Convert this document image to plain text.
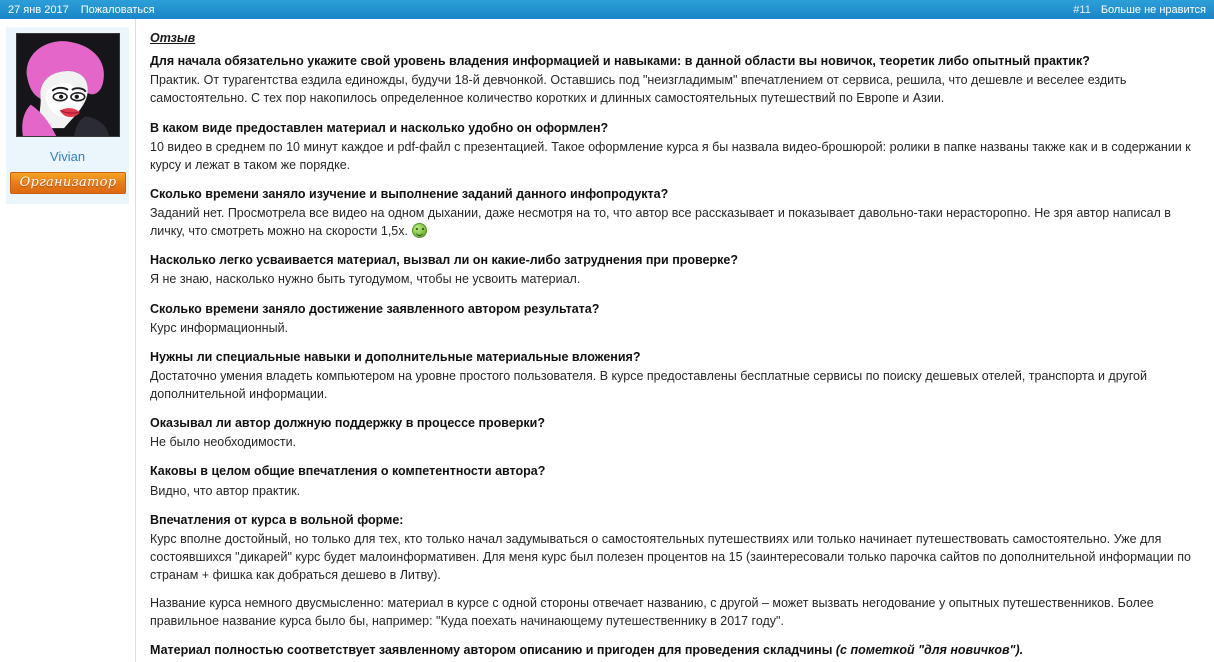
27 янв 2017 Пожаловаться	#11 Больше не нравится
Vivian
Организатор
Отзыв
Для начала обязательно укажите свой уровень владения информацией и навыками: в данной области вы новичок, теоретик либо опытный практик?
Практик. От турагентства ездила единожды, будучи 18-й девчонкой. Оставшись под "неизгладимым" впечатлением от сервиса, решила, что дешевле и веселее ездить самостоятельно. С тех пор накопилось определенное количество коротких и длинных самостоятельных путешествий по Европе и Азии.
В каком виде предоставлен материал и насколько удобно он оформлен?
10 видео в среднем по 10 минут каждое и pdf-файл с презентацией. Такое оформление курса я бы назвала видео-брошюрой: ролики в папке названы также как и в содержании к курсу и лежат в таком же порядке.
Сколько времени заняло изучение и выполнение заданий данного инфопродукта?
Заданий нет. Просмотрела все видео на одном дыхании, даже несмотря на то, что автор все рассказывает и показывает давольно-таки нерасторопно. Не зря автор написал в личку, что смотреть можно на скорости 1,5х.
Насколько легко усваивается материал, вызвал ли он какие-либо затруднения при проверке?
Я не знаю, насколько нужно быть тугодумом, чтобы не усвоить материал.
Сколько времени заняло достижение заявленного автором результата?
Курс информационный.
Нужны ли специальные навыки и дополнительные материальные вложения?
Достаточно умения владеть компьютером на уровне простого пользователя. В курсе предоставлены бесплатные сервисы по поиску дешевых отелей, транспорта и другой дополнительной информации.
Оказывал ли автор должную поддержку в процессе проверки?
Не было необходимости.
Каковы в целом общие впечатления о компетентности автора?
Видно, что автор практик.
Впечатления от курса в вольной форме:
Курс вполне достойный, но только для тех, кто только начал задумываться о самостоятельных путешествиях или только начинает путешествовать самостоятельно. Уже для состоявшихся "дикарей" курс будет малоинформативен. Для меня курс был полезен процентов на 15 (заинтересовали только парочка сайтов по дополнительной информации по странам + фишка как добраться дешево в Литву).
Название курса немного двусмысленно: материал в курсе с одной стороны отвечает названию, с другой – может вызвать негодование у опытных путешественников. Более правильное название курса было бы, например: "Куда поехать начинающему путешественнику в 2017 году".
Материал полностью соответствует заявленному автором описанию и пригоден для проведения складчины (с пометкой "для новичков").
